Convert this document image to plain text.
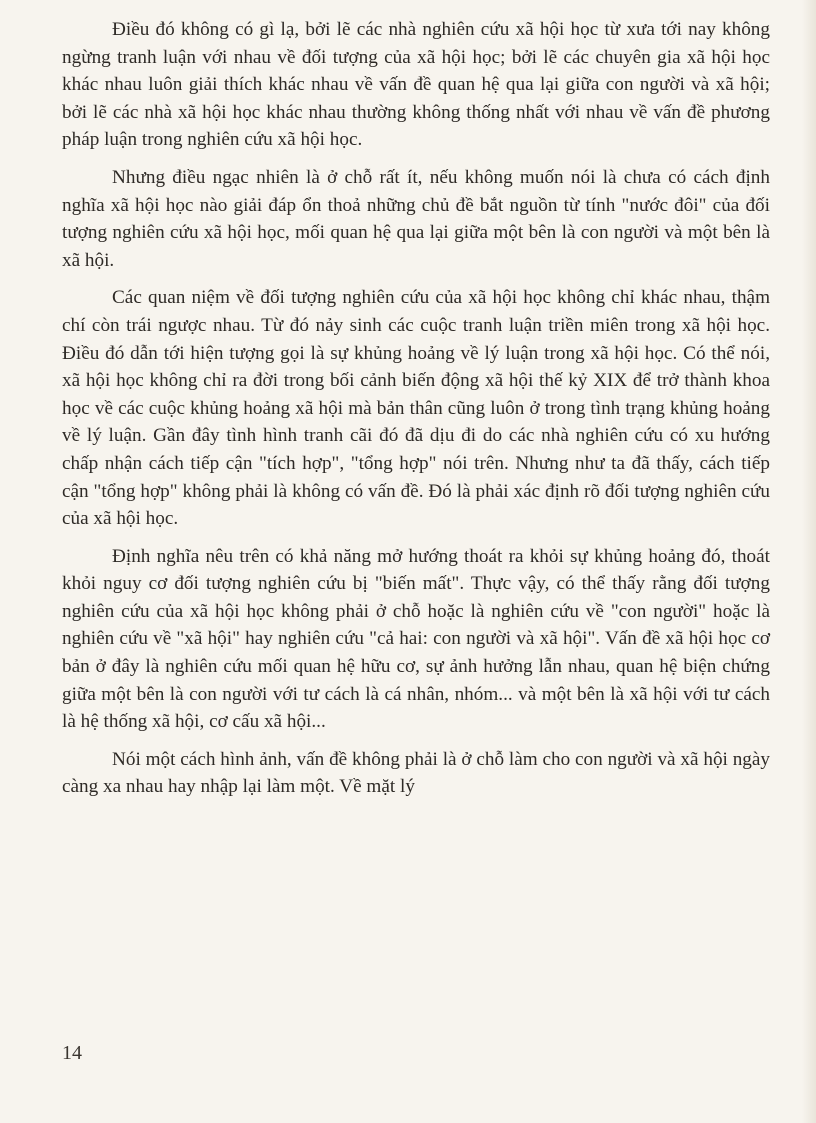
Điều đó không có gì lạ, bởi lẽ các nhà nghiên cứu xã hội học từ xưa tới nay không ngừng tranh luận với nhau về đối tượng của xã hội học; bởi lẽ các chuyên gia xã hội học khác nhau luôn giải thích khác nhau về vấn đề quan hệ qua lại giữa con người và xã hội; bởi lẽ các nhà xã hội học khác nhau thường không thống nhất với nhau về vấn đề phương pháp luận trong nghiên cứu xã hội học.

Nhưng điều ngạc nhiên là ở chỗ rất ít, nếu không muốn nói là chưa có cách định nghĩa xã hội học nào giải đáp ổn thoả những chủ đề bắt nguồn từ tính "nước đôi" của đối tượng nghiên cứu xã hội học, mối quan hệ qua lại giữa một bên là con người và một bên là xã hội.

Các quan niệm về đối tượng nghiên cứu của xã hội học không chỉ khác nhau, thậm chí còn trái ngược nhau. Từ đó nảy sinh các cuộc tranh luận triền miên trong xã hội học. Điều đó dẫn tới hiện tượng gọi là sự khủng hoảng về lý luận trong xã hội học. Có thể nói, xã hội học không chỉ ra đời trong bối cảnh biến động xã hội thế kỷ XIX để trở thành khoa học về các cuộc khủng hoảng xã hội mà bản thân cũng luôn ở trong tình trạng khủng hoảng về lý luận. Gần đây tình hình tranh cãi đó đã dịu đi do các nhà nghiên cứu có xu hướng chấp nhận cách tiếp cận "tích hợp", "tổng hợp" nói trên. Nhưng như ta đã thấy, cách tiếp cận "tổng hợp" không phải là không có vấn đề. Đó là phải xác định rõ đối tượng nghiên cứu của xã hội học.

Định nghĩa nêu trên có khả năng mở hướng thoát ra khỏi sự khủng hoảng đó, thoát khỏi nguy cơ đối tượng nghiên cứu bị "biến mất". Thực vậy, có thể thấy rằng đối tượng nghiên cứu của xã hội học không phải ở chỗ hoặc là nghiên cứu về "con người" hoặc là nghiên cứu về "xã hội" hay nghiên cứu "cả hai: con người và xã hội". Vấn đề xã hội học cơ bản ở đây là nghiên cứu mối quan hệ hữu cơ, sự ảnh hưởng lẫn nhau, quan hệ biện chứng giữa một bên là con người với tư cách là cá nhân, nhóm... và một bên là xã hội với tư cách là hệ thống xã hội, cơ cấu xã hội...

Nói một cách hình ảnh, vấn đề không phải là ở chỗ làm cho con người và xã hội ngày càng xa nhau hay nhập lại làm một. Về mặt lý

14
